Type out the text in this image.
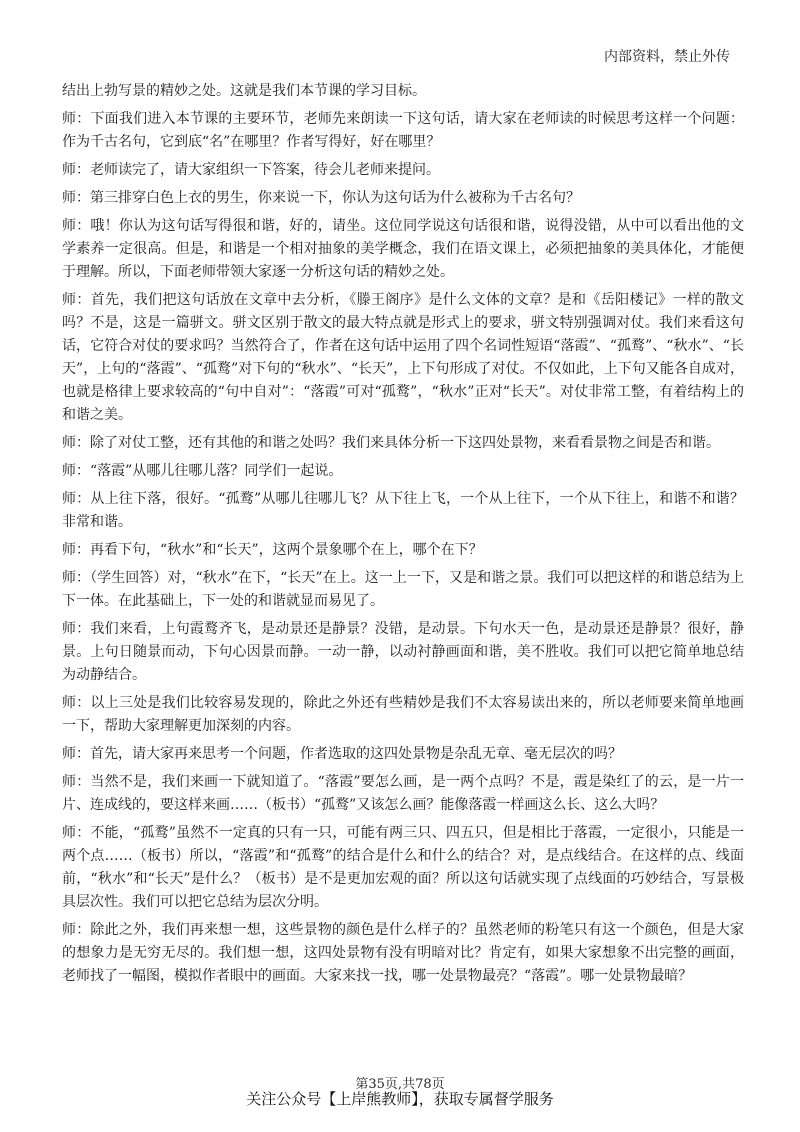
内部资料，禁止外传

结出上勃写景的精妙之处。这就是我们本节课的学习目标。

师：下面我们进入本节课的主要环节，老师先来朗读一下这句话，请大家在老师读的时候思考这样一个问题：作为千古名句，它到底“名”在哪里？作者写得好，好在哪里？

师：老师读完了，请大家组织一下答案，待会儿老师来提问。

师：第三排穿白色上衣的男生，你来说一下，你认为这句话为什么被称为千古名句？

师：哦！你认为这句话写得很和谐，好的，请坐。这位同学说这句话很和谐，说得没错，从中可以看出他的文学素养一定很高。但是，和谐是一个相对抽象的美学概念，我们在语文课上，必须把抽象的美具体化，才能便于理解。所以，下面老师带领大家逐一分析这句话的精妙之处。

师：首先，我们把这句话放在文章中去分析，《滕王阁序》是什么文体的文章？是和《岳阳楼记》一样的散文吗？不是，这是一篇骈文。骈文区别于散文的最大特点就是形式上的要求，骈文特别强调对仗。我们来看这句话，它符合对仗的要求吗？当然符合了，作者在这句话中运用了四个名词性短语“落霞”、“孤鹜”、“秋水”、“长天”，上句的“落霞”、“孤鹜”对下句的“秋水”、“长天”，上下句形成了对仗。不仅如此，上下句又能各自成对，也就是格律上要求较高的“句中自对”：“落霞”可对“孤鹜”，“秋水”正对“长天”。对仗非常工整，有着结构上的和谐之美。

师：除了对仗工整，还有其他的和谐之处吗？我们来具体分析一下这四处景物，来看看景物之间是否和谐。

师：“落霞”从哪儿往哪儿落？同学们一起说。

师：从上往下落，很好。“孤鹜”从哪儿往哪儿飞？从下往上飞，一个从上往下，一个从下往上，和谐不和谐？非常和谐。

师：再看下句，“秋水”和“长天”，这两个景象哪个在上，哪个在下？

师：（学生回答）对，“秋水”在下，“长天”在上。这一上一下，又是和谐之景。我们可以把这样的和谐总结为上下一体。在此基础上，下一处的和谐就显而易见了。

师：我们来看，上句霞鹜齐飞，是动景还是静景？没错，是动景。下句水天一色，是动景还是静景？很好，静景。上句日随景而动，下句心因景而静。一动一静，以动衬静画面和谐，美不胜收。我们可以把它简单地总结为动静结合。

师：以上三处是我们比较容易发现的，除此之外还有些精妙是我们不太容易读出来的，所以老师要来简单地画一下，帮助大家理解更加深刻的内容。

师：首先，请大家再来思考一个问题，作者选取的这四处景物是杂乱无章、毫无层次的吗？

师：当然不是，我们来画一下就知道了。“落霞”要怎么画，是一两个点吗？不是，霞是染红了的云，是一片一片、连成线的，要这样来画……（板书）“孤鹜”又该怎么画？能像落霞一样画这么长、这么大吗？

师：不能，“孤鹜”虽然不一定真的只有一只，可能有两三只、四五只，但是相比于落霞，一定很小，只能是一两个点……（板书）所以，“落霞”和“孤鹜”的结合是什么和什么的结合？对，是点线结合。在这样的点、线面前，“秋水”和“长天”是什么？（板书）是不是更加宏观的面？所以这句话就实现了点线面的巧妙结合，写景极具层次性。我们可以把它总结为层次分明。

师：除此之外，我们再来想一想，这些景物的颜色是什么样子的？虽然老师的粉笔只有这一个颜色，但是大家的想象力是无穷无尽的。我们想一想，这四处景物有没有明暗对比？肯定有，如果大家想象不出完整的画面，老师找了一幅图，模拟作者眼中的画面。大家来找一找，哪一处景物最亮？“落霞”。哪一处景物最暗？

第35页,共78页
关注公众号【上岸熊教师】，获取专属督学服务
